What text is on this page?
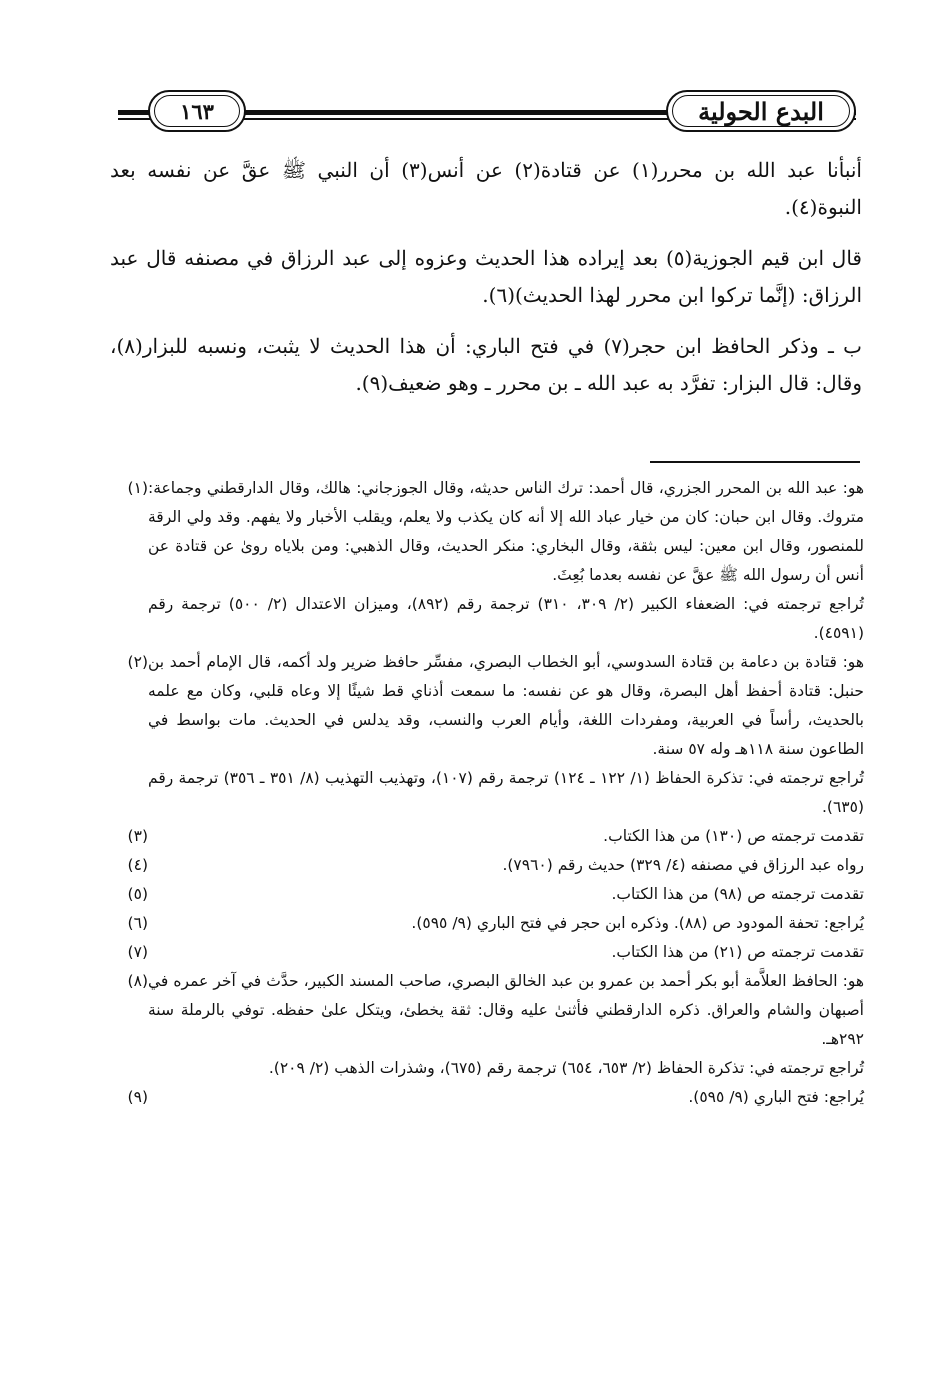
البدع الحولية
١٦٣

أنبأنا عبد الله بن محرر(١) عن قتادة(٢) عن أنس(٣) أن النبي ﷺ عقَّ عن نفسه بعد النبوة(٤).

قال ابن قيم الجوزية(٥) بعد إيراده هذا الحديث وعزوه إلى عبد الرزاق في مصنفه قال عبد الرزاق: (إنَّما تركوا ابن محرر لهذا الحديث)(٦).

ب ـ وذكر الحافظ ابن حجر(٧) في فتح الباري: أن هذا الحديث لا يثبت، ونسبه للبزار(٨)، وقال: قال البزار: تفرَّد به عبد الله ـ بن محرر ـ وهو ضعيف(٩).

(١) هو: عبد الله بن المحرر الجزري، قال أحمد: ترك الناس حديثه، وقال الجوزجاني: هالك، وقال الدارقطني وجماعة: متروك. وقال ابن حبان: كان من خيار عباد الله إلا أنه كان يكذب ولا يعلم، ويقلب الأخبار ولا يفهم. وقد ولي الرقة للمنصور، وقال ابن معين: ليس بثقة، وقال البخاري: منكر الحديث، وقال الذهبي: ومن بلاياه روىٰ عن قتادة عن أنس أن رسول الله ﷺ عقَّ عن نفسه بعدما بُعِثَ.

تُراجع ترجمته في: الضعفاء الكبير (٢/ ٣٠٩، ٣١٠) ترجمة رقم (٨٩٢)، وميزان الاعتدال (٢/ ٥٠٠) ترجمة رقم (٤٥٩١).

(٢) هو: قتادة بن دعامة بن قتادة السدوسي، أبو الخطاب البصري، مفسِّر حافظ ضرير ولد أكمه، قال الإمام أحمد بن حنبل: قتادة أحفظ أهل البصرة، وقال هو عن نفسه: ما سمعت أذناي قط شيئًا إلا وعاه قلبي، وكان مع علمه بالحديث، رأساً في العربية، ومفردات اللغة، وأيام العرب والنسب، وقد يدلس في الحديث. مات بواسط في الطاعون سنة ١١٨هـ وله ٥٧ سنة.

تُراجع ترجمته في: تذكرة الحفاظ (١/ ١٢٢ ـ ١٢٤) ترجمة رقم (١٠٧)، وتهذيب التهذيب (٨/ ٣٥١ ـ ٣٥٦) ترجمة رقم (٦٣٥).

(٣)	تقدمت ترجمته ص (١٣٠) من هذا الكتاب.

(٤)	رواه عبد الرزاق في مصنفه (٤/ ٣٢٩) حديث رقم (٧٩٦٠).

(٥)	تقدمت ترجمته ص (٩٨) من هذا الكتاب.

(٦)	يُراجع: تحفة المودود ص (٨٨). وذكره ابن حجر في فتح الباري (٩/ ٥٩٥).

(٧)	تقدمت ترجمته ص (٢١) من هذا الكتاب.

(٨) هو: الحافظ العلاَّمة أبو بكر أحمد بن عمرو بن عبد الخالق البصري، صاحب المسند الكبير، حدَّث في آخر عمره في أصبهان والشام والعراق. ذكره الدارقطني فأثنىٰ عليه وقال: ثقة يخطئ، ويتكل علىٰ حفظه. توفي بالرملة سنة ٢٩٢هـ.

تُراجع ترجمته في: تذكرة الحفاظ (٢/ ٦٥٣، ٦٥٤) ترجمة رقم (٦٧٥)، وشذرات الذهب (٢/ ٢٠٩).

(٩)	يُراجع: فتح الباري (٩/ ٥٩٥).
